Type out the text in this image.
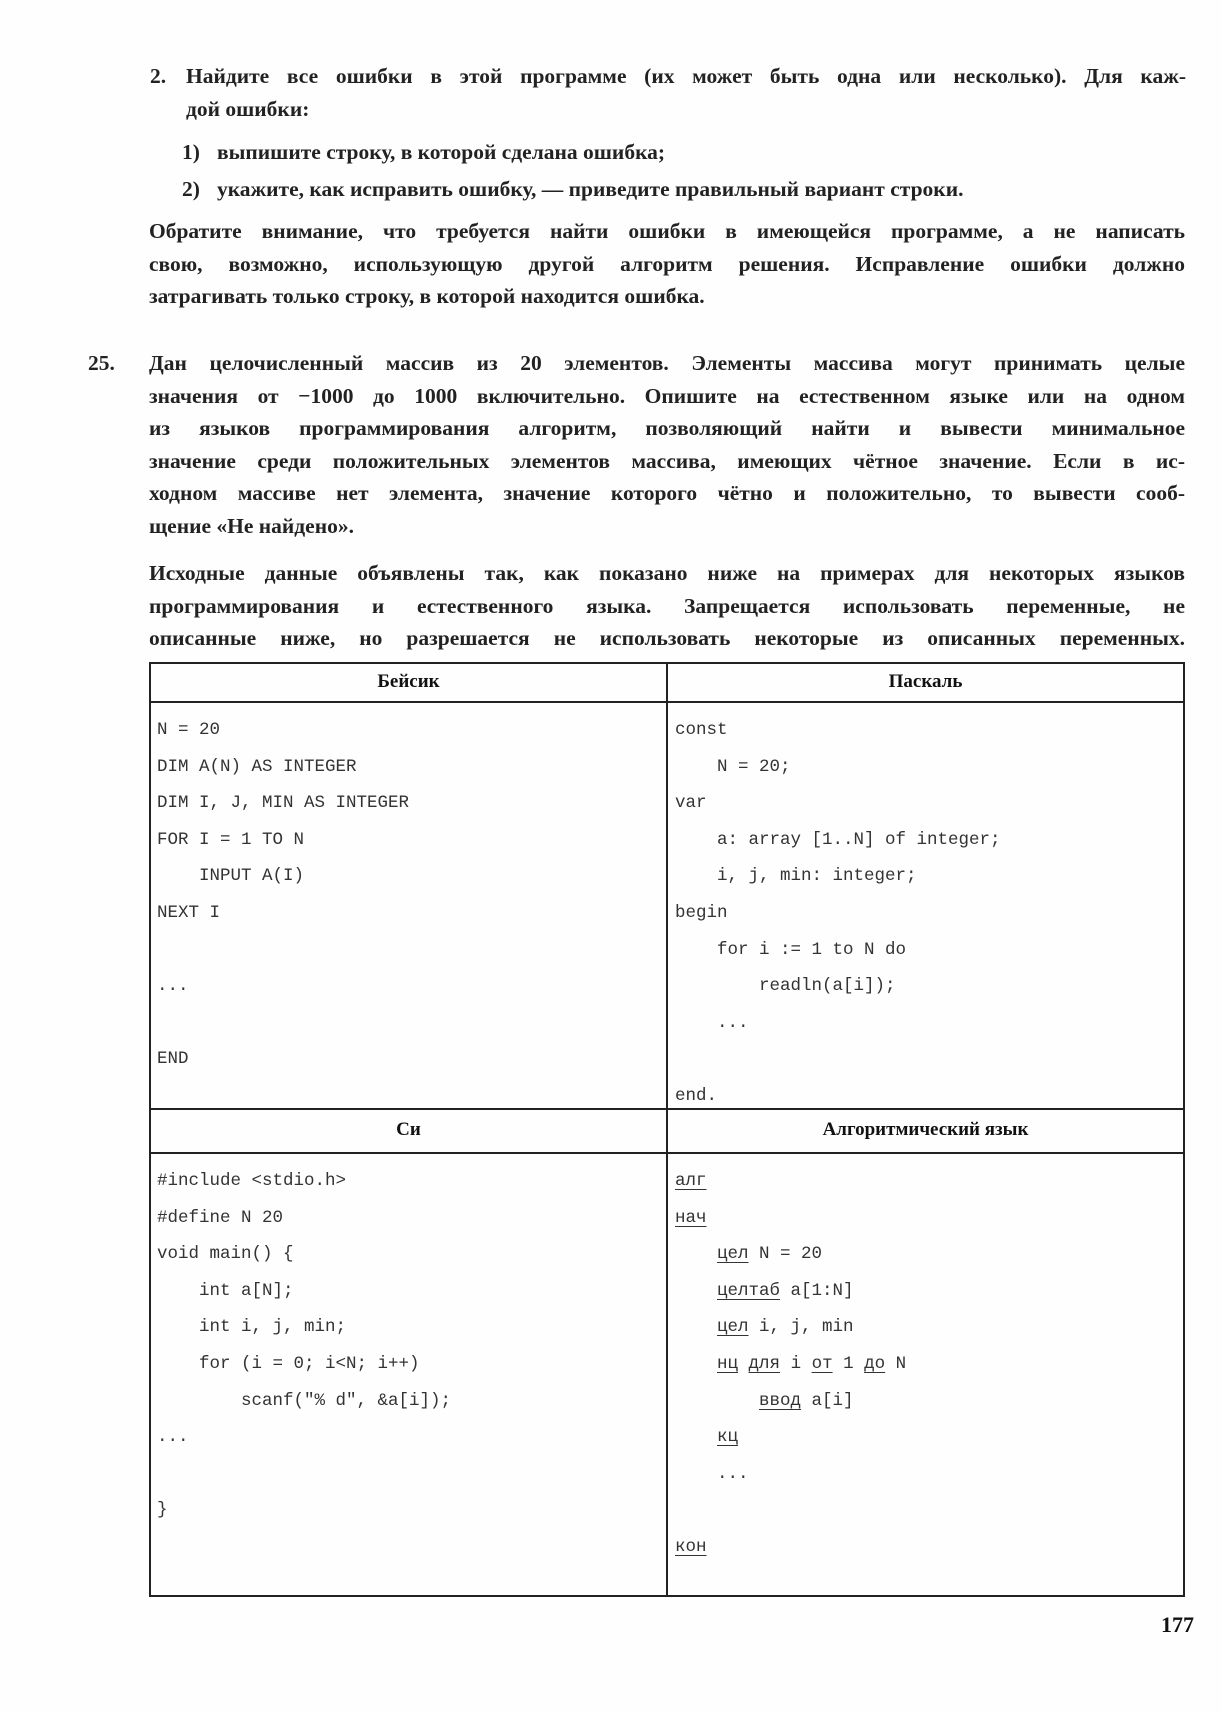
2. Найдите все ошибки в этой программе (их может быть одна или несколько). Для каж-
дой ошибки:
1) выпишите строку, в которой сделана ошибка;
2) укажите, как исправить ошибку, — приведите правильный вариант строки.
Обратите внимание, что требуется найти ошибки в имеющейся программе, а не написать
свою, возможно, использующую другой алгоритм решения. Исправление ошибки должно
затрагивать только строку, в которой находится ошибка.
25. Дан целочисленный массив из 20 элементов. Элементы массива могут принимать целые
значения от −1000 до 1000 включительно. Опишите на естественном языке или на одном
из языков программирования алгоритм, позволяющий найти и вывести минимальное
значение среди положительных элементов массива, имеющих чётное значение. Если в ис-
ходном массиве нет элемента, значение которого чётно и положительно, то вывести сооб-
щение «Не найдено».
Исходные данные объявлены так, как показано ниже на примерах для некоторых языков
программирования и естественного языка. Запрещается использовать переменные, не
описанные ниже, но разрешается не использовать некоторые из описанных переменных.
Бейсик
N = 20
DIM A(N) AS INTEGER
DIM I, J, MIN AS INTEGER
FOR I = 1 TO N
INPUT A(I)
NEXT I
...
END
Паскаль
const
N = 20;
var
a: array [1..N] of integer;
i, j, min: integer;
begin
for i := 1 to N do
readln(a[i]);
...
end.
Си
#include <stdio.h>
#define N 20
void main() {
int a[N];
int i, j, min;
for (i = 0; i<N; i++)
scanf("% d", &a[i]);
...
}
Алгоритмический язык
алг
нач
цел N = 20
целтаб a[1:N]
цел i, j, min
нц для i от 1 до N
ввод a[i]
кц
...
кон
177
